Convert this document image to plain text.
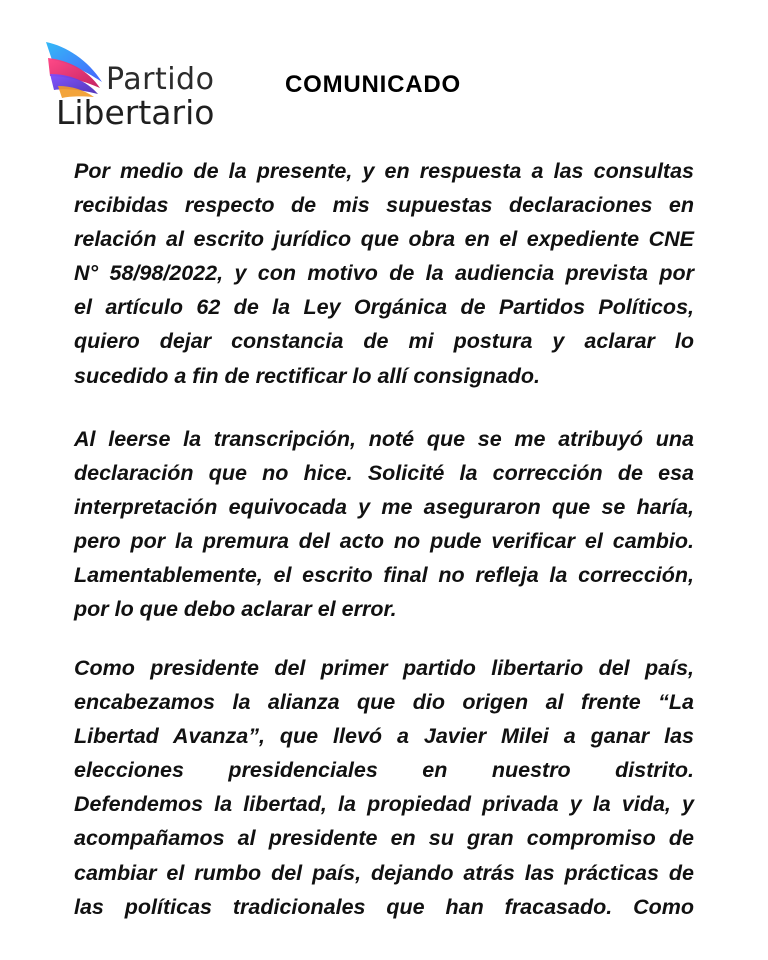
Partido
Libertario
COMUNICADO
Por medio de la presente, y en respuesta a las consultas
recibidas respecto de mis supuestas declaraciones en
relación al escrito jurídico que obra en el expediente CNE
N° 58/98/2022, y con motivo de la audiencia prevista por
el artículo 62 de la Ley Orgánica de Partidos Políticos,
quiero dejar constancia de mi postura y aclarar lo
sucedido a fin de rectificar lo allí consignado.
Al leerse la transcripción, noté que se me atribuyó una
declaración que no hice. Solicité la corrección de esa
interpretación equivocada y me aseguraron que se haría,
pero por la premura del acto no pude verificar el cambio.
Lamentablemente, el escrito final no refleja la corrección,
por lo que debo aclarar el error.
Como presidente del primer partido libertario del país,
encabezamos la alianza que dio origen al frente “La
Libertad Avanza”, que llevó a Javier Milei a ganar las
elecciones presidenciales en nuestro distrito.
Defendemos la libertad, la propiedad privada y la vida, y
acompañamos al presidente en su gran compromiso de
cambiar el rumbo del país, dejando atrás las prácticas de
las políticas tradicionales que han fracasado. Como
